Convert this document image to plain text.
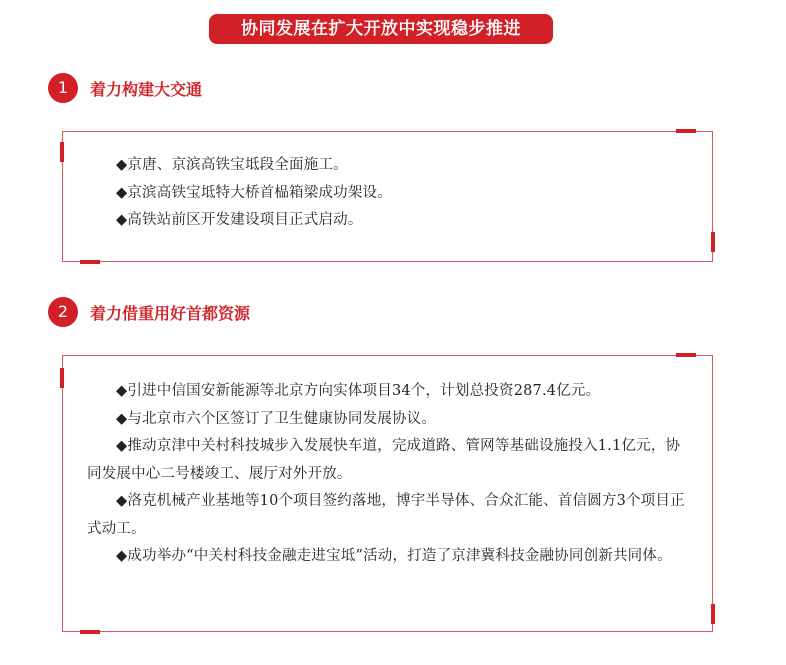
协同发展在扩大开放中实现稳步推进
1	着力构建大交通
◆京唐、京滨高铁宝坻段全面施工。
◆京滨高铁宝坻特大桥首榀箱梁成功架设。
◆高铁站前区开发建设项目正式启动。
2	着力借重用好首都资源
◆引进中信国安新能源等北京方向实体项目34个，计划总投资287.4亿元。
◆与北京市六个区签订了卫生健康协同发展协议。
◆推动京津中关村科技城步入发展快车道，完成道路、管网等基础设施投入1.1亿元，协同发展中心二号楼竣工、展厅对外开放。
◆洛克机械产业基地等10个项目签约落地，博宇半导体、合众汇能、首信圆方3个项目正式动工。
◆成功举办“中关村科技金融走进宝坻”活动，打造了京津冀科技金融协同创新共同体。
